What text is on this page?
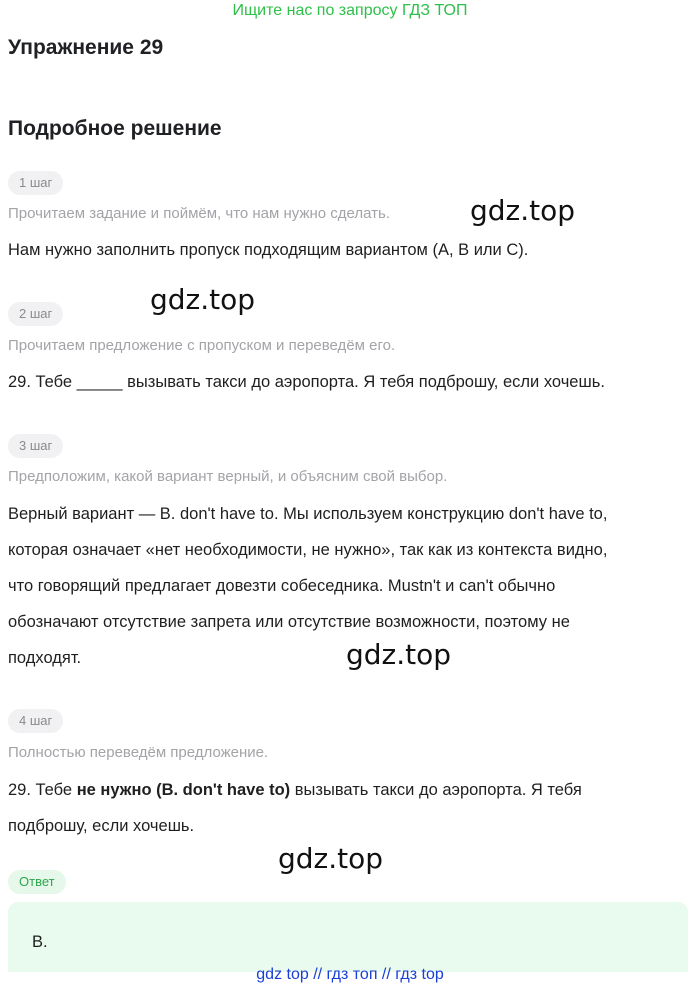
Ищите нас по запросу ГДЗ ТОП
Упражнение 29
Подробное решение
1 шаг
Прочитаем задание и поймём, что нам нужно сделать.
Нам нужно заполнить пропуск подходящим вариантом (A, B или C).
2 шаг
Прочитаем предложение с пропуском и переведём его.
29. Тебе _____ вызывать такси до аэропорта. Я тебя подброшу, если хочешь.
3 шаг
Предположим, какой вариант верный, и объясним свой выбор.
Верный вариант — B. don't have to. Мы используем конструкцию don't have to,
которая означает «нет необходимости, не нужно», так как из контекста видно,
что говорящий предлагает довезти собеседника. Mustn't и can't обычно
обозначают отсутствие запрета или отсутствие возможности, поэтому не
подходят.
4 шаг
Полностью переведём предложение.
29. Тебе не нужно (B. don't have to) вызывать такси до аэропорта. Я тебя
подброшу, если хочешь.
Ответ
B.
gdz.top
gdz.top
gdz.top
gdz.top
gdz top // гдз топ // гдз top
